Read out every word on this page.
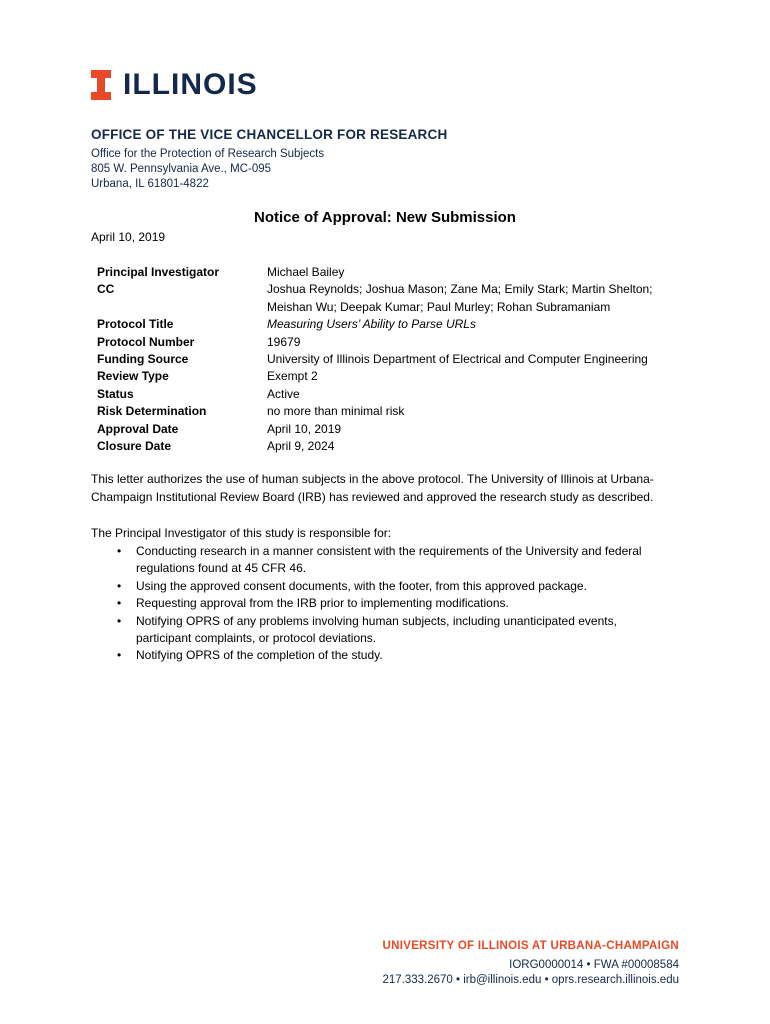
ILLINOIS
OFFICE OF THE VICE CHANCELLOR FOR RESEARCH
Office for the Protection of Research Subjects
805 W. Pennsylvania Ave., MC-095
Urbana, IL 61801-4822
Notice of Approval: New Submission
April 10, 2019
Principal Investigator	Michael Bailey
CC	Joshua Reynolds; Joshua Mason; Zane Ma; Emily Stark; Martin Shelton;
Meishan Wu; Deepak Kumar; Paul Murley; Rohan Subramaniam
Protocol Title	Measuring Users’ Ability to Parse URLs
Protocol Number	19679
Funding Source	University of Illinois Department of Electrical and Computer Engineering
Review Type	Exempt 2
Status	Active
Risk Determination	no more than minimal risk
Approval Date	April 10, 2019
Closure Date	April 9, 2024
This letter authorizes the use of human subjects in the above protocol. The University of Illinois at Urbana-
Champaign Institutional Review Board (IRB) has reviewed and approved the research study as described.
The Principal Investigator of this study is responsible for:
• Conducting research in a manner consistent with the requirements of the University and federal
regulations found at 45 CFR 46.
• Using the approved consent documents, with the footer, from this approved package.
• Requesting approval from the IRB prior to implementing modifications.
• Notifying OPRS of any problems involving human subjects, including unanticipated events,
participant complaints, or protocol deviations.
• Notifying OPRS of the completion of the study.
UNIVERSITY OF ILLINOIS AT URBANA-CHAMPAIGN
IORG0000014 • FWA #00008584
217.333.2670 • irb@illinois.edu • oprs.research.illinois.edu
